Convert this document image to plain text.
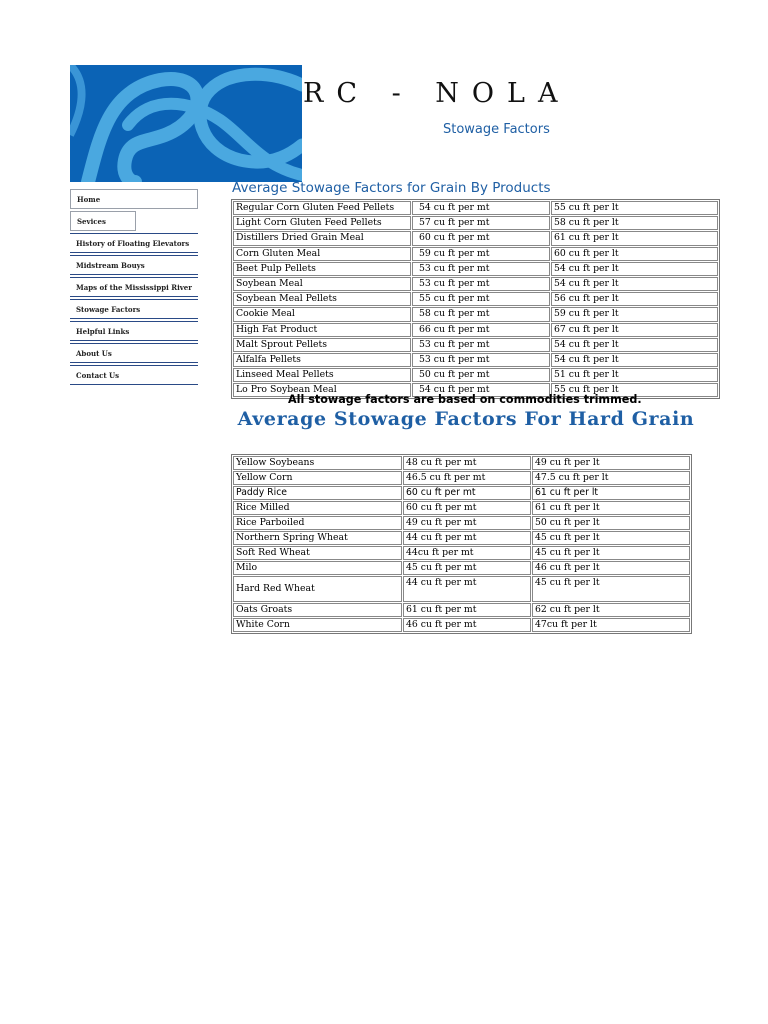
RC - NOLA
Stowage Factors
Home
Sevices
History of Floating Elevators
Midstream Bouys
Maps of the Mississippi River
Stowage Factors
Helpful Links
About Us
Contact Us
Average Stowage Factors for Grain By Products
Regular Corn Gluten Feed Pellets	54 cu ft per mt	55 cu ft per lt
Light Corn Gluten Feed Pellets	57 cu ft per mt	58 cu ft per lt
Distillers Dried Grain Meal	60 cu ft per mt	61 cu ft per lt
Corn Gluten Meal	59 cu ft per mt	60 cu ft per lt
Beet Pulp Pellets	53 cu ft per mt	54 cu ft per lt
Soybean Meal	53 cu ft per mt	54 cu ft per lt
Soybean Meal Pellets	55 cu ft per mt	56 cu ft per lt
Cookie Meal	58 cu ft per mt	59 cu ft per lt
High Fat Product	66 cu ft per mt	67 cu ft per lt
Malt Sprout Pellets	53 cu ft per mt	54 cu ft per lt
Alfalfa Pellets	53 cu ft per mt	54 cu ft per lt
Linseed Meal Pellets	50 cu ft per mt	51 cu ft per lt
Lo Pro Soybean Meal	54 cu ft per mt	55 cu ft per lt
All stowage factors are based on commodities trimmed.
Average Stowage Factors For Hard Grain
Yellow Soybeans	48 cu ft per mt	49 cu ft per lt
Yellow Corn	46.5 cu ft per mt	47.5 cu ft per lt
Paddy Rice	60 cu ft per mt	61 cu ft per lt
Rice Milled	60 cu ft per mt	61 cu ft per lt
Rice Parboiled	49 cu ft per mt	50 cu ft per lt
Northern Spring Wheat	44 cu ft per mt	45 cu ft per lt
Soft Red Wheat	44cu ft per mt	45 cu ft per lt
Milo	45 cu ft per mt	46 cu ft per lt
Hard Red Wheat	44 cu ft per mt	45 cu ft per lt
Oats Groats	61 cu ft per mt	62 cu ft per lt
White Corn	46 cu ft per mt	47cu ft per lt
